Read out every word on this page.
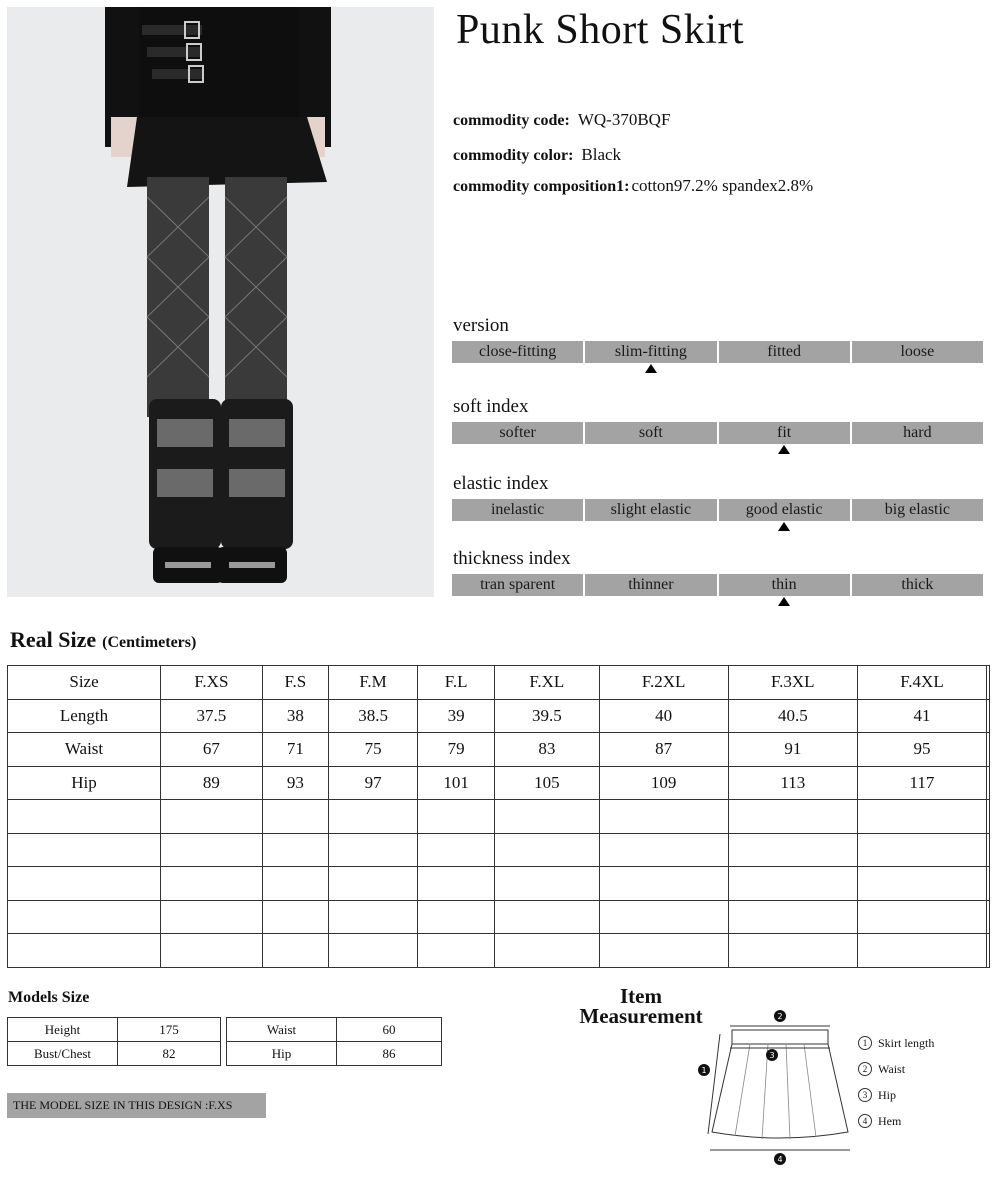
Punk Short Skirt
commodity code: WQ-370BQF
commodity color: Black
commodity composition1: cotton97.2% spandex2.8%
version
close-fitting	slim-fitting	fitted	loose
soft index
softer	soft	fit	hard
elastic index
inelastic	slight elastic	good elastic	big elastic
thickness index
tran sparent	thinner	thin	thick
Real Size (Centimeters)
Size	F.XS	F.S	F.M	F.L	F.XL	F.2XL	F.3XL	F.4XL	
Length	37.5	38	38.5	39	39.5	40	40.5	41	
Waist	67	71	75	79	83	87	91	95	
Hip	89	93	97	101	105	109	113	117	

Models Size
Height	175
Bust/Chest	82
Waist	60
Hip	86
THE MODEL SIZE IN THIS DESIGN :F.XS
Item
Measurement	2
3
1
4
1 Skirt length
2 Waist
3 Hip
4 Hem
